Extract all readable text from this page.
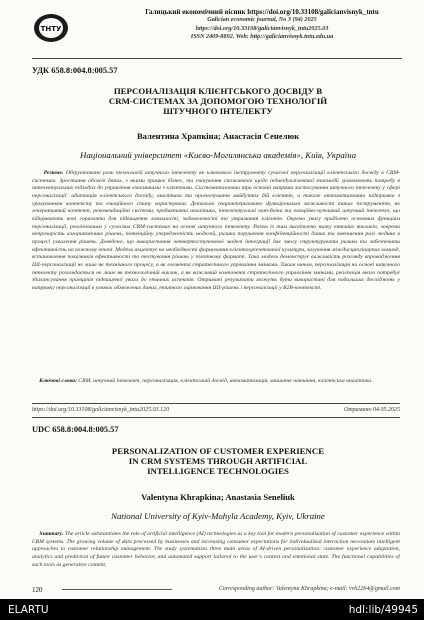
ТНТУ
Галицький економічний вісник https://doi.org/10.33108/galicianvisnyk_tntu
Galician economic journal, No 3 (94) 2025
https://doi.org/10.33108/galicianvisnyk_tntu2025.03
ISSN 2409-8892. Web: http://galicianvisnyk.tntu.edu.ua
УДК 658.8:004.8:005.57
ПЕРСОНАЛІЗАЦІЯ КЛІЄНТСЬКОГО ДОСВІДУ В
CRM-СИСТЕМАХ ЗА ДОПОМОГОЮ ТЕХНОЛОГІЙ
ШТУЧНОГО ІНТЕЛЕКТУ
Валентина Храпкіна; Анастасія Сенелюк
Національний університет «Києво-Могилянська академія», Київ, Україна
Резюме. Обґрунтовано роль технологій штучного інтелекту як ключового інструменту сучасної персоналізації клієнтського досвіду в CRM-системах. Зростання обсягів даних, з якими працює бізнес, та очікування споживачів щодо індивідуалізованої взаємодії зумовлюють потребу в інтелектуальних підходах до управління взаєминами з клієнтами. Систематизовано три основні напрями застосування штучного інтелекту у сфері персоналізації: адаптація клієнтського досвіду, аналітика та прогнозування майбутніх дій клієнтів, а також автоматизована підтримка з урахуванням контексту та емоційного стану користувача. Детально охарактеризовано функціональні можливості таких інструментів, як генеративний контент, рекомендаційні системи, предиктивна аналітика, інтелектуальні чат-боти та емоційно-чутливий штучний інтелект, що відкривають нові горизонти для підвищення лояльності, задоволеності та утримання клієнтів. Окремо увагу приділено основним функціям персоналізації, реалізованим у сучасних CRM-системах на основі штучного інтелекту. Разом із тим висвітлено низку етичних викликів, зокрема непрозорість алгоритмічних рішень, потенційну упередженість моделей, ризики порушення конфіденційності даних та зменшення ролі людини в процесі ухвалення рішень. Доведено, що використання четвертоступеневої моделі інтеграції дає змогу структурувати ризики та забезпечити ефективність на кожному етапі. Модель акцентує на необхідності формування клієнтоорієнтованої культури, залучення міждисциплінарних команд, встановлення показників ефективності та тестування рішень у пілотному форматі. Така модель демонструє важливість розгляду впровадження ШІ-персоналізації не лише як технічного процесу, а як елемента стратегічного управління змінами. Таким чином, персоналізація на основі штучного інтелекту розглядається не лише як технологічний виклик, а як важливий компонент стратегічного управління змінами, реалізація якого потребує збалансування принципів підвищеної уваги до етичних аспектів. Отримані результати можуть бути використані для подальших досліджень у напрямку персоналізації в умовах обмежених даних, етичного оцінювання ШІ-рішень і персоналізації у B2B-контексті.
Ключові слова: CRM, штучний інтелект, персоналізація, клієнтський досвід, автоматизація, машинне навчання, клієнтська аналітика.
https://doi.org/10.33108/galicianvisnyk_tntu2025.03.120	Отримано 04.05.2025
UDC 658.8:004.8:005.57
PERSONALIZATION OF CUSTOMER EXPERIENCE
IN CRM SYSTEMS THROUGH ARTIFICIAL
INTELLIGENCE TECHNOLOGIES
Valentyna Khrapkina; Anastasia Seneliuk
National University of Kyiv-Mohyla Academy, Kyiv, Ukraine
Summary. The article substantiates the role of artificial intelligence (AI) technologies as a key tool for modern personalization of customer experience within CRM systems. The growing volume of data processed by businesses and increasing consumer expectations for individualized interaction necessitate intelligent approaches to customer relationship management. The study systematizes three main areas of AI-driven personalization: customer experience adaptation, analytics and prediction of future customer behavior, and automated support tailored to the user's context and emotional state. The functional capabilities of such tools as generative content,
120	Corresponding author: Valentyna Khrapkina; e-mail: vvh2264@gmail.com
ELARTU	hdl:lib/49945
